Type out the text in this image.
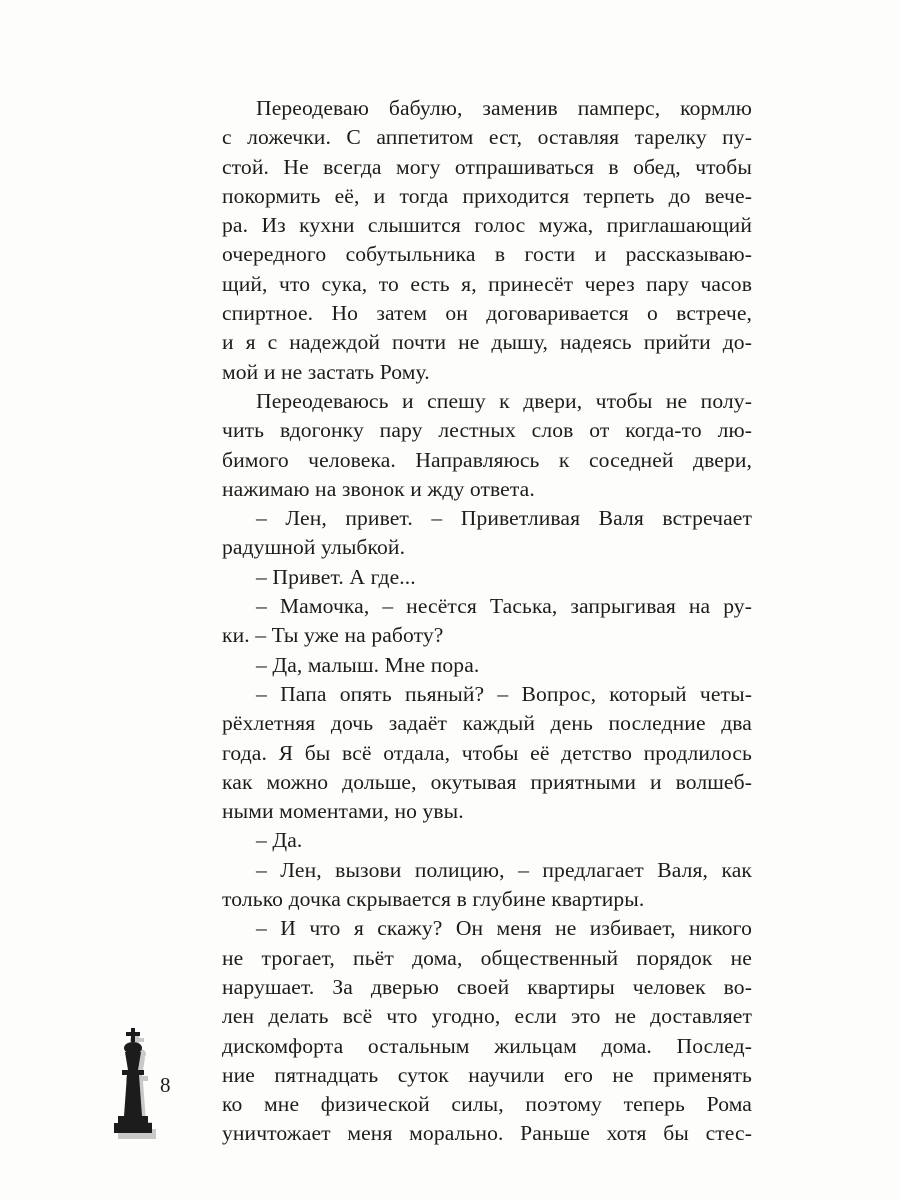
Переодеваю бабулю, заменив памперс, кормлю
с ложечки. С аппетитом ест, оставляя тарелку пу-
стой. Не всегда могу отпрашиваться в обед, чтобы
покормить её, и тогда приходится терпеть до вече-
ра. Из кухни слышится голос мужа, приглашающий
очередного собутыльника в гости и рассказываю-
щий, что сука, то есть я, принесёт через пару часов
спиртное. Но затем он договаривается о встрече,
и я с надеждой почти не дышу, надеясь прийти до-
мой и не застать Рому.
Переодеваюсь и спешу к двери, чтобы не полу-
чить вдогонку пару лестных слов от когда-то лю-
бимого человека. Направляюсь к соседней двери,
нажимаю на звонок и жду ответа.
– Лен, привет. – Приветливая Валя встречает
радушной улыбкой.
– Привет. А где...
– Мамочка, – несётся Таська, запрыгивая на ру-
ки. – Ты уже на работу?
– Да, малыш. Мне пора.
– Папа опять пьяный? – Вопрос, который четы-
рёхлетняя дочь задаёт каждый день последние два
года. Я бы всё отдала, чтобы её детство продлилось
как можно дольше, окутывая приятными и волшеб-
ными моментами, но увы.
– Да.
– Лен, вызови полицию, – предлагает Валя, как
только дочка скрывается в глубине квартиры.
– И что я скажу? Он меня не избивает, никого
не трогает, пьёт дома, общественный порядок не
нарушает. За дверью своей квартиры человек во-
лен делать всё что угодно, если это не доставляет
дискомфорта остальным жильцам дома. Послед-
ние пятнадцать суток научили его не применять
ко мне физической силы, поэтому теперь Рома
уничтожает меня морально. Раньше хотя бы стес-
8
